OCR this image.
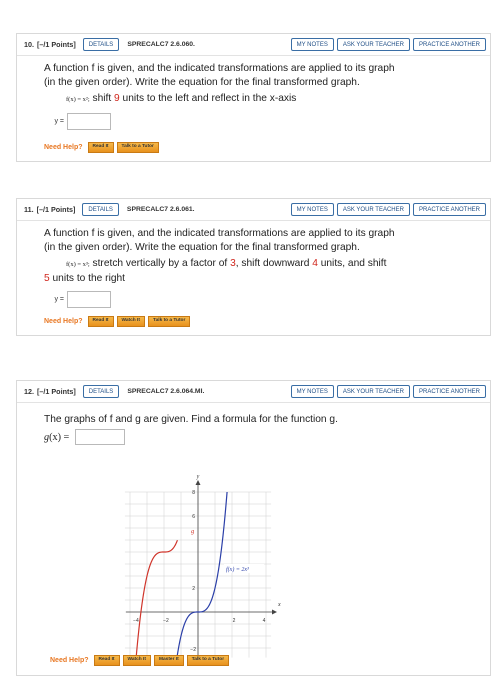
10. [–/1 Points]	DETAILS	SPRECALC7 2.6.060.	MY NOTES	ASK YOUR TEACHER	PRACTICE ANOTHER

A function f is given, and the indicated transformations are applied to its graph

(in the given order). Write the equation for the final transformed graph.

f(x) = x²; shift 9 units to the left and reflect in the x-axis
y =
Need Help?	Read It	Talk to a Tutor
11. [–/1 Points]	DETAILS	SPRECALC7 2.6.061.	MY NOTES	ASK YOUR TEACHER	PRACTICE ANOTHER

A function f is given, and the indicated transformations are applied to its graph

(in the given order). Write the equation for the final transformed graph.

f(x) = x³; stretch vertically by a factor of 3, shift downward 4 units, and shift
5 units to the right
y =
Need Help?	Read It	Watch It	Talk to a Tutor
12. [–/1 Points]	DETAILS	SPRECALC7 2.6.064.MI.	MY NOTES	ASK YOUR TEACHER	PRACTICE ANOTHER

The graphs of f and g are given. Find a formula for the function g.

g(x) =
y
x
8
6
2
−2
−4	−2	2	4
g
f(x) = 2x³
Need Help?	Read It	Watch It	Master It	Talk to a Tutor
